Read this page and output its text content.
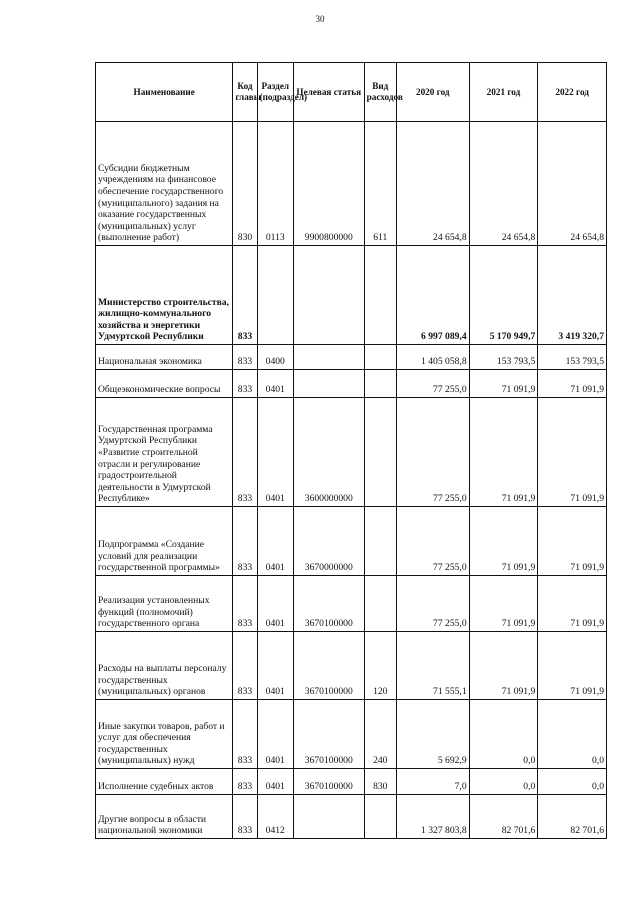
30
Наименование	Код главы	Раздел (подраздел)	Целевая статья	Вид расходов	2020 год	2021 год	2022 год
Субсидии бюджетным учреждениям на финансовое обеспечение государственного (муниципального) задания на оказание государственных (муниципальных) услуг (выполнение работ)	830	0113	9900800000	611	24 654,8	24 654,8	24 654,8
Министерство строительства, жилищно-коммунального хозяйства и энергетики Удмуртской Республики	833				6 997 089,4	5 170 949,7	3 419 320,7
Национальная экономика	833	0400			1 405 058,8	153 793,5	153 793,5
Общеэкономические вопросы	833	0401			77 255,0	71 091,9	71 091,9
Государственная программа Удмуртской Республики «Развитие строительной отрасли и регулирование градостроительной деятельности в Удмуртской Республике»	833	0401	3600000000		77 255,0	71 091,9	71 091,9
Подпрограмма «Создание условий для реализации государственной программы»	833	0401	3670000000		77 255,0	71 091,9	71 091,9
Реализация установленных функций (полномочий) государственного органа	833	0401	3670100000		77 255,0	71 091,9	71 091,9
Расходы на выплаты персоналу государственных (муниципальных) органов	833	0401	3670100000	120	71 555,1	71 091,9	71 091,9
Иные закупки товаров, работ и услуг для обеспечения государственных (муниципальных) нужд	833	0401	3670100000	240	5 692,9	0,0	0,0
Исполнение судебных актов	833	0401	3670100000	830	7,0	0,0	0,0
Другие вопросы в области национальной экономики	833	0412			1 327 803,8	82 701,6	82 701,6
